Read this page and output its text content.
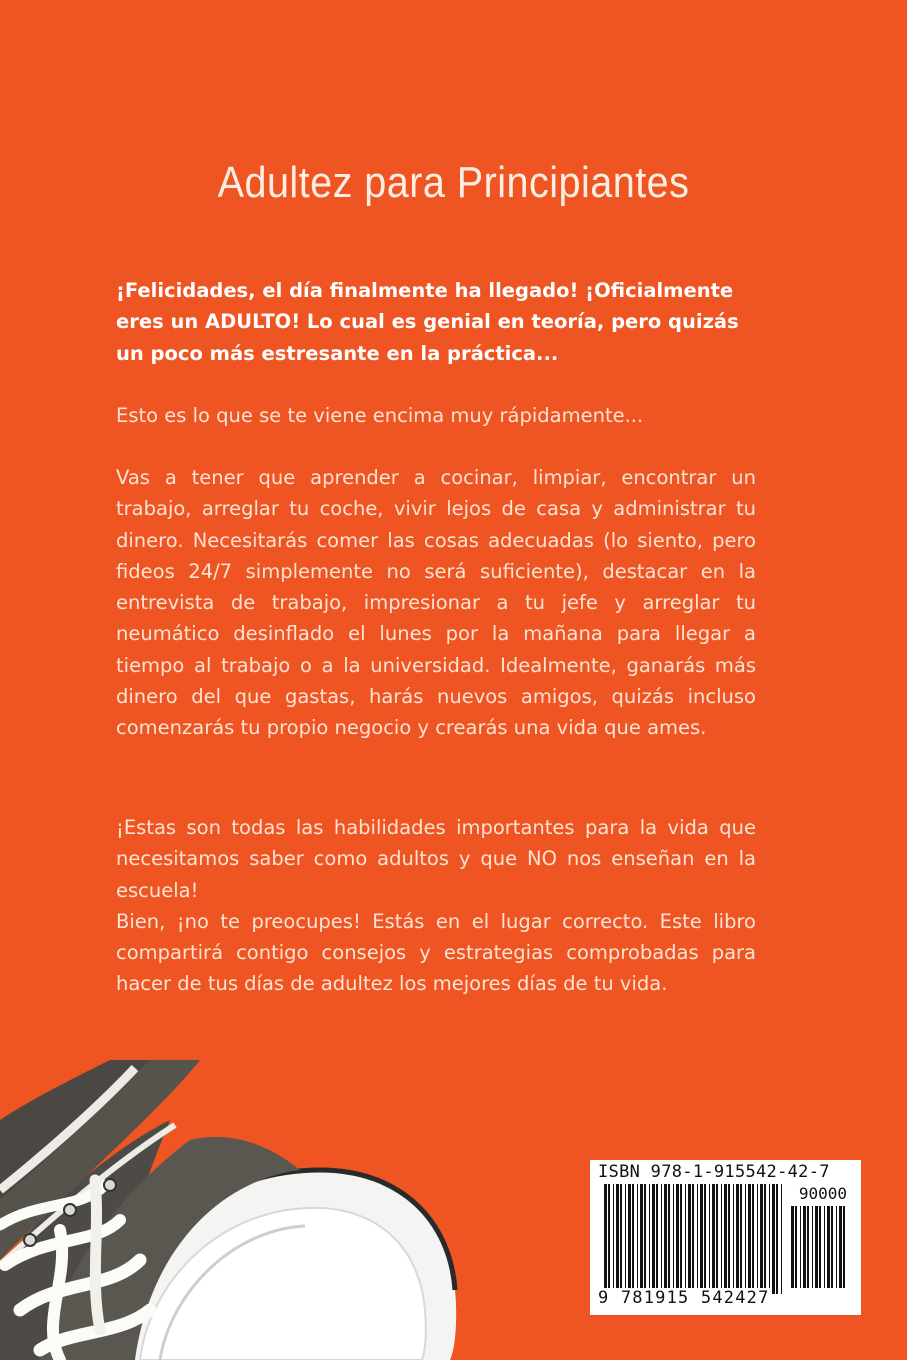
Adultez para Principiantes

¡Felicidades, el día finalmente ha llegado! ¡Oficialmente eres un ADULTO! Lo cual es genial en teoría, pero quizás un poco más estresante en la práctica...

Esto es lo que se te viene encima muy rápidamente...

Vas a tener que aprender a cocinar, limpiar, encontrar un trabajo, arreglar tu coche, vivir lejos de casa y administrar tu dinero. Necesitarás comer las cosas adecuadas (lo siento, pero fideos 24/7 simplemente no será suficiente), destacar en la entrevista de trabajo, impresionar a tu jefe y arreglar tu neumático desinflado el lunes por la mañana para llegar a tiempo al trabajo o a la universidad. Idealmente, ganarás más dinero del que gastas, harás nuevos amigos, quizás incluso comenzarás tu propio negocio y crearás una vida que ames.

¡Estas son todas las habilidades importantes para la vida que necesitamos saber como adultos y que NO nos enseñan en la escuela!
Bien, ¡no te preocupes! Estás en el lugar correcto. Este libro compartirá contigo consejos y estrategias comprobadas para hacer de tus días de adultez los mejores días de tu vida.
ISBN 978-1-915542-42-7
90000
9 781915 542427
